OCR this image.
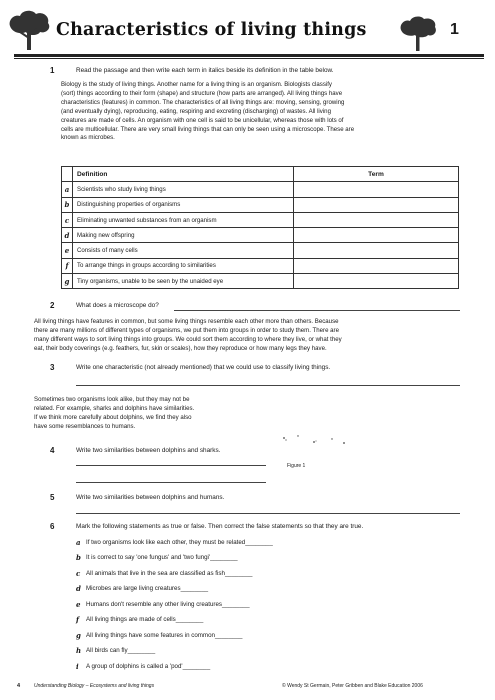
Characteristics of living things	1
1	Read the passage and then write each term in italics beside its definition in the table below.
Biology is the study of living things. Another name for a living thing is an organism. Biologists classify
(sort) things according to their form (shape) and structure (how parts are arranged). All living things have
characteristics (features) in common. The characteristics of all living things are: moving, sensing, growing
(and eventually dying), reproducing, eating, respiring and excreting (discharging) of wastes. All living
creatures are made of cells. An organism with one cell is said to be unicellular, whereas those with lots of
cells are multicellular. There are very small living things that can only be seen using a microscope. These are
known as microbes.
	Definition	Term
a	Scientists who study living things	
b	Distinguishing properties of organisms	
c	Eliminating unwanted substances from an organism	
d	Making new offspring	
e	Consists of many cells	
f	To arrange things in groups according to similarities	
g	Tiny organisms, unable to be seen by the unaided eye	
2	What does a microscope do?
All living things have features in common, but some living things resemble each other more than others. Because
there are many millions of different types of organisms, we put them into groups in order to study them. There are
many different ways to sort living things into groups. We could sort them according to where they live, or what they
eat, their body coverings (e.g. feathers, fur, skin or scales), how they reproduce or how many legs they have.
3	Write one characteristic (not already mentioned) that we could use to classify living things.
Sometimes two organisms look alike, but they may not be
related. For example, sharks and dolphins have similarities.
If we think more carefully about dolphins, we find they also
have some resemblances to humans.
Figure 1
4	Write two similarities between dolphins and sharks.
5	Write two similarities between dolphins and humans.
6	Mark the following statements as true or false. Then correct the false statements so that they are true.
a If two organisms look like each other, they must be related________
b It is correct to say 'one fungus' and 'two fungi'________
c All animals that live in the sea are classified as fish________
d Microbes are large living creatures________
e Humans don't resemble any other living creatures________
f All living things are made of cells________
g All living things have some features in common________
h All birds can fly________
i A group of dolphins is called a 'pod'________
4	Understanding Biology – Ecosystems and living things	© Wendy St Germain, Peter Gribben and Blake Education 2006
